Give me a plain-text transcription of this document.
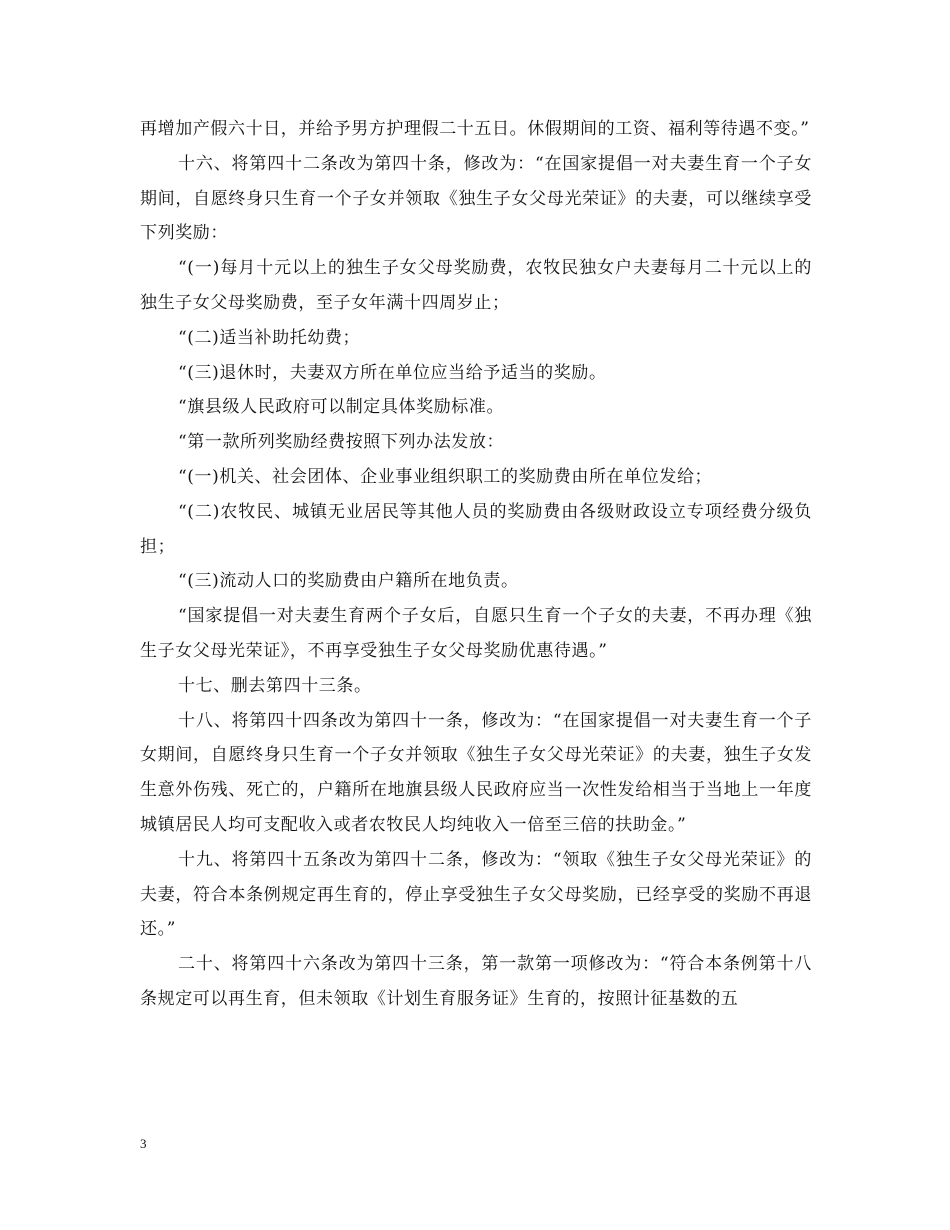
再增加产假六十日，并给予男方护理假二十五日。休假期间的工资、福利等待遇不变。”

十六、将第四十二条改为第四十条，修改为：“在国家提倡一对夫妻生育一个子女期间，自愿终身只生育一个子女并领取《独生子女父母光荣证》的夫妻，可以继续享受下列奖励：

“(一)每月十元以上的独生子女父母奖励费，农牧民独女户夫妻每月二十元以上的独生子女父母奖励费，至子女年满十四周岁止；

“(二)适当补助托幼费；

“(三)退休时，夫妻双方所在单位应当给予适当的奖励。

“旗县级人民政府可以制定具体奖励标准。

“第一款所列奖励经费按照下列办法发放：

“(一)机关、社会团体、企业事业组织职工的奖励费由所在单位发给；

“(二)农牧民、城镇无业居民等其他人员的奖励费由各级财政设立专项经费分级负担；

“(三)流动人口的奖励费由户籍所在地负责。

“国家提倡一对夫妻生育两个子女后，自愿只生育一个子女的夫妻，不再办理《独生子女父母光荣证》，不再享受独生子女父母奖励优惠待遇。”

十七、删去第四十三条。

十八、将第四十四条改为第四十一条，修改为：“在国家提倡一对夫妻生育一个子女期间，自愿终身只生育一个子女并领取《独生子女父母光荣证》的夫妻，独生子女发生意外伤残、死亡的，户籍所在地旗县级人民政府应当一次性发给相当于当地上一年度城镇居民人均可支配收入或者农牧民人均纯收入一倍至三倍的扶助金。”

十九、将第四十五条改为第四十二条，修改为：“领取《独生子女父母光荣证》的夫妻，符合本条例规定再生育的，停止享受独生子女父母奖励，已经享受的奖励不再退还。”

二十、将第四十六条改为第四十三条，第一款第一项修改为：“符合本条例第十八条规定可以再生育，但未领取《计划生育服务证》生育的，按照计征基数的五

3
